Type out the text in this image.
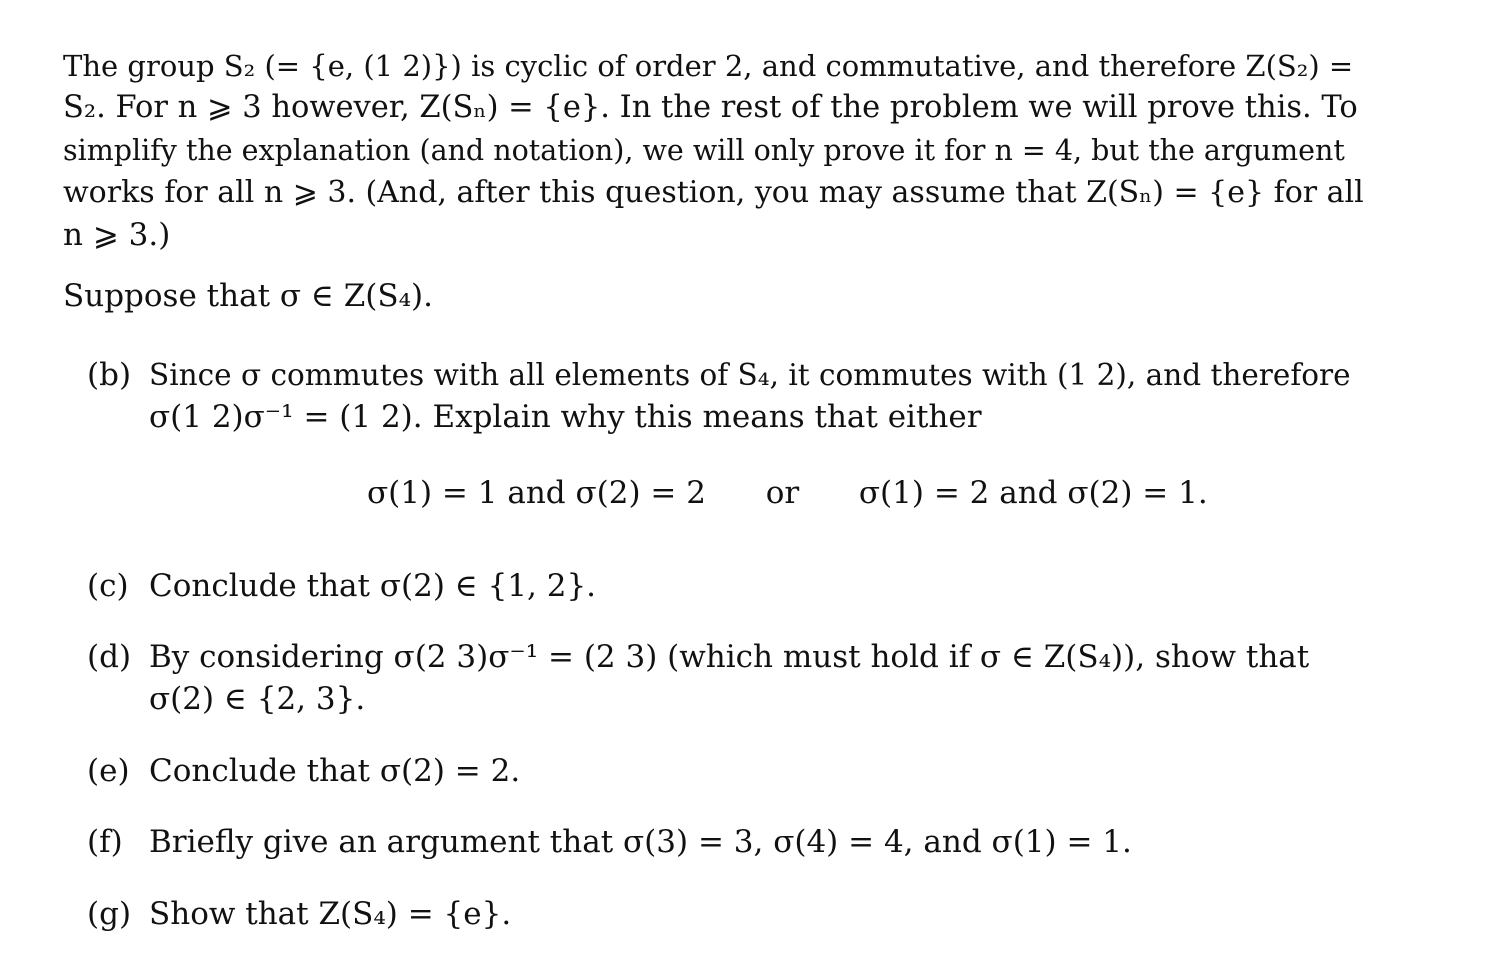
The group S₂ (= {e, (1 2)}) is cyclic of order 2, and commutative, and therefore Z(S₂) =
S₂. For n ⩾ 3 however, Z(Sₙ) = {e}. In the rest of the problem we will prove this. To
simplify the explanation (and notation), we will only prove it for n = 4, but the argument
works for all n ⩾ 3. (And, after this question, you may assume that Z(Sₙ) = {e} for all
n ⩾ 3.)
Suppose that σ ∈ Z(S₄).
(b) Since σ commutes with all elements of S₄, it commutes with (1 2), and therefore
σ(1 2)σ⁻¹ = (1 2). Explain why this means that either
σ(1) = 1 and σ(2) = 2 or σ(1) = 2 and σ(2) = 1.
(c) Conclude that σ(2) ∈ {1, 2}.
(d) By considering σ(2 3)σ⁻¹ = (2 3) (which must hold if σ ∈ Z(S₄)), show that
σ(2) ∈ {2, 3}.
(e) Conclude that σ(2) = 2.
(f) Briefly give an argument that σ(3) = 3, σ(4) = 4, and σ(1) = 1.
(g) Show that Z(S₄) = {e}.
